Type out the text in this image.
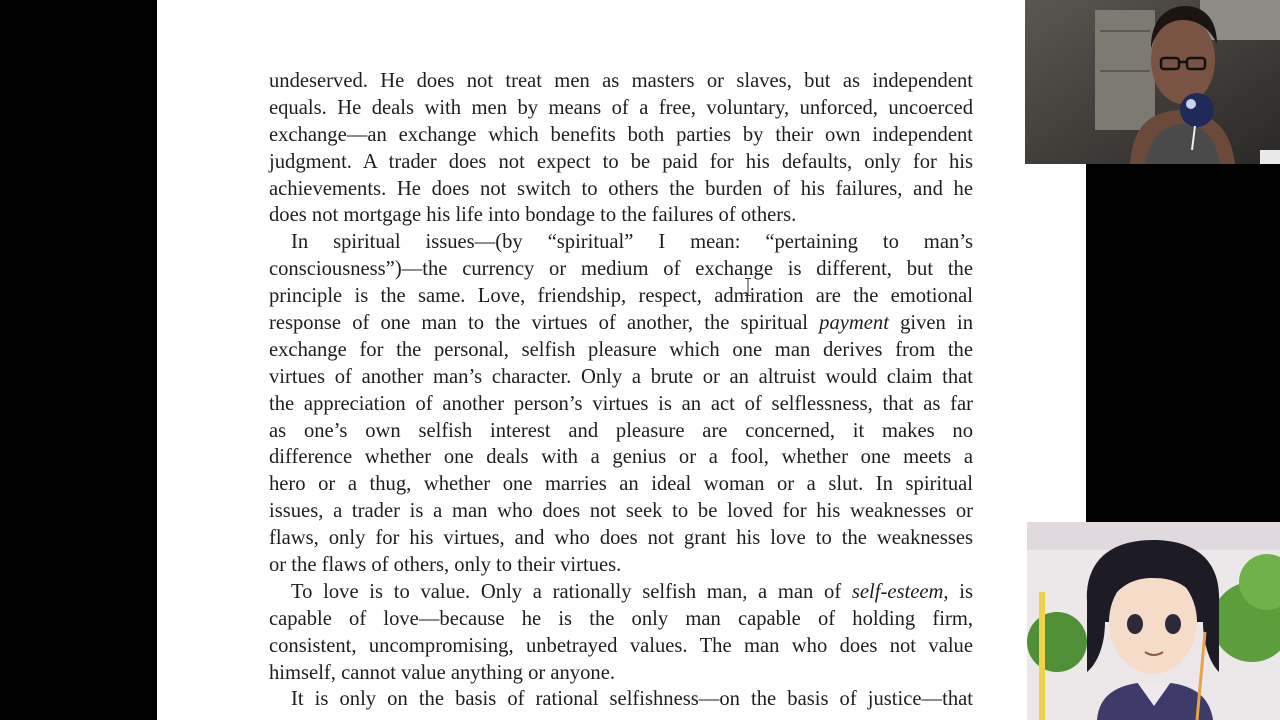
undeserved. He does not treat men as masters or slaves, but as independent
equals. He deals with men by means of a free, voluntary, unforced, uncoerced
exchange—an exchange which benefits both parties by their own independent
judgment. A trader does not expect to be paid for his defaults, only for his
achievements. He does not switch to others the burden of his failures, and he
does not mortgage his life into bondage to the failures of others.
In spiritual issues—(by “spiritual” I mean: “pertaining to man’s
consciousness”)—the currency or medium of exchange is different, but the
principle is the same. Love, friendship, respect, admiration are the emotional
response of one man to the virtues of another, the spiritual payment given in
exchange for the personal, selfish pleasure which one man derives from the
virtues of another man’s character. Only a brute or an altruist would claim that
the appreciation of another person’s virtues is an act of selflessness, that as far
as one’s own selfish interest and pleasure are concerned, it makes no
difference whether one deals with a genius or a fool, whether one meets a
hero or a thug, whether one marries an ideal woman or a slut. In spiritual
issues, a trader is a man who does not seek to be loved for his weaknesses or
flaws, only for his virtues, and who does not grant his love to the weaknesses
or the flaws of others, only to their virtues.
To love is to value. Only a rationally selfish man, a man of self-esteem, is
capable of love—because he is the only man capable of holding firm,
consistent, uncompromising, unbetrayed values. The man who does not value
himself, cannot value anything or anyone.
It is only on the basis of rational selfishness—on the basis of justice—that
